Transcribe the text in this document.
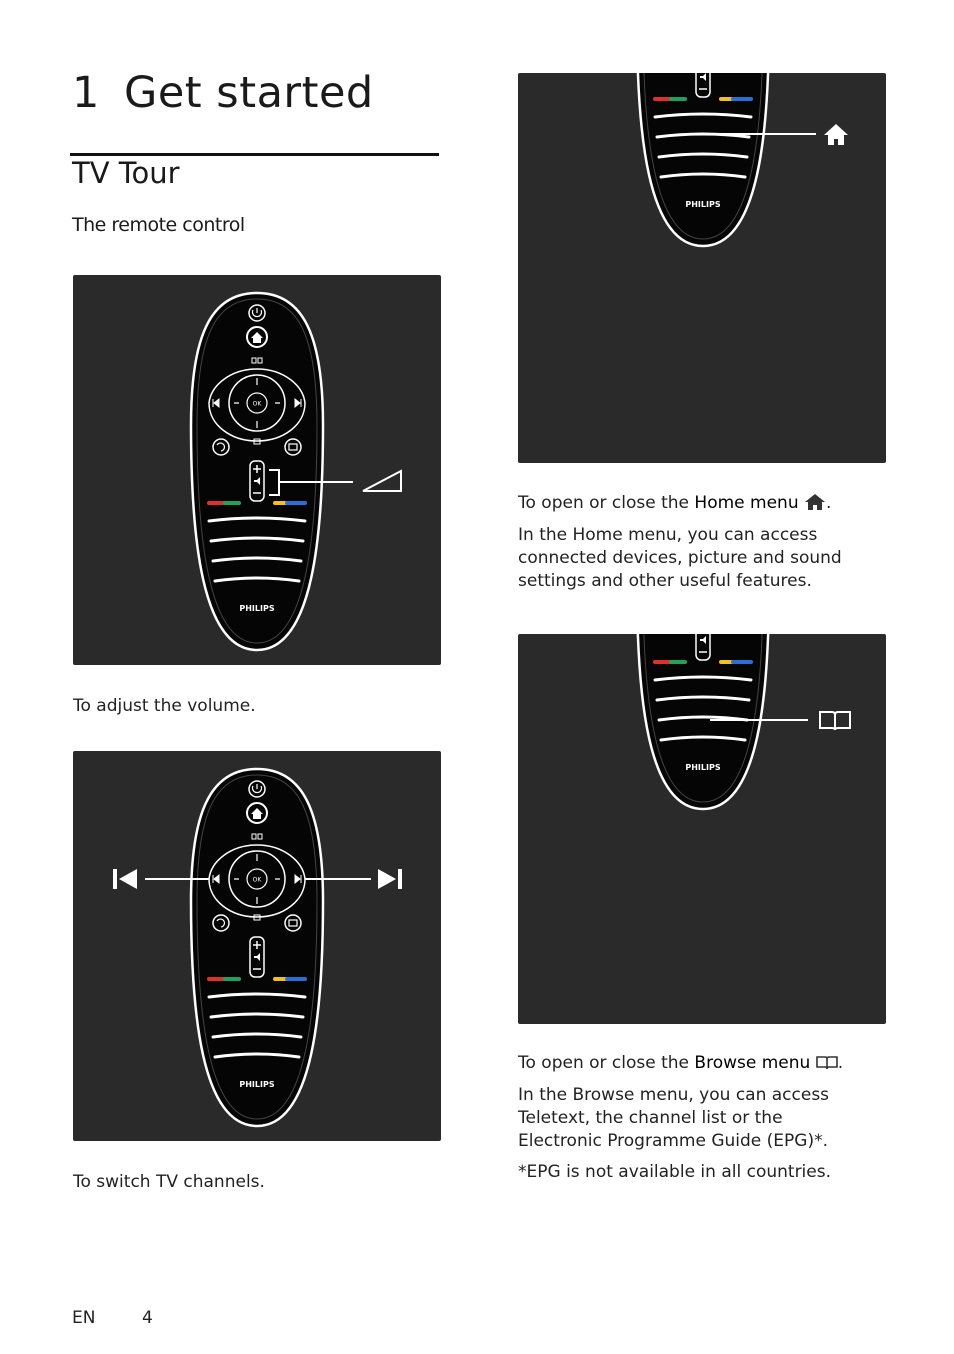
1 Get started
TV Tour
The remote control

To adjust the volume.

To switch TV channels.

To open or close the Home menu .

In the Home menu, you can access connected devices, picture and sound settings and other useful features.

To open or close the Browse menu .

In the Browse menu, you can access Teletext, the channel list or the Electronic Programme Guide (EPG)*.

*EPG is not available in all countries.

EN	4
